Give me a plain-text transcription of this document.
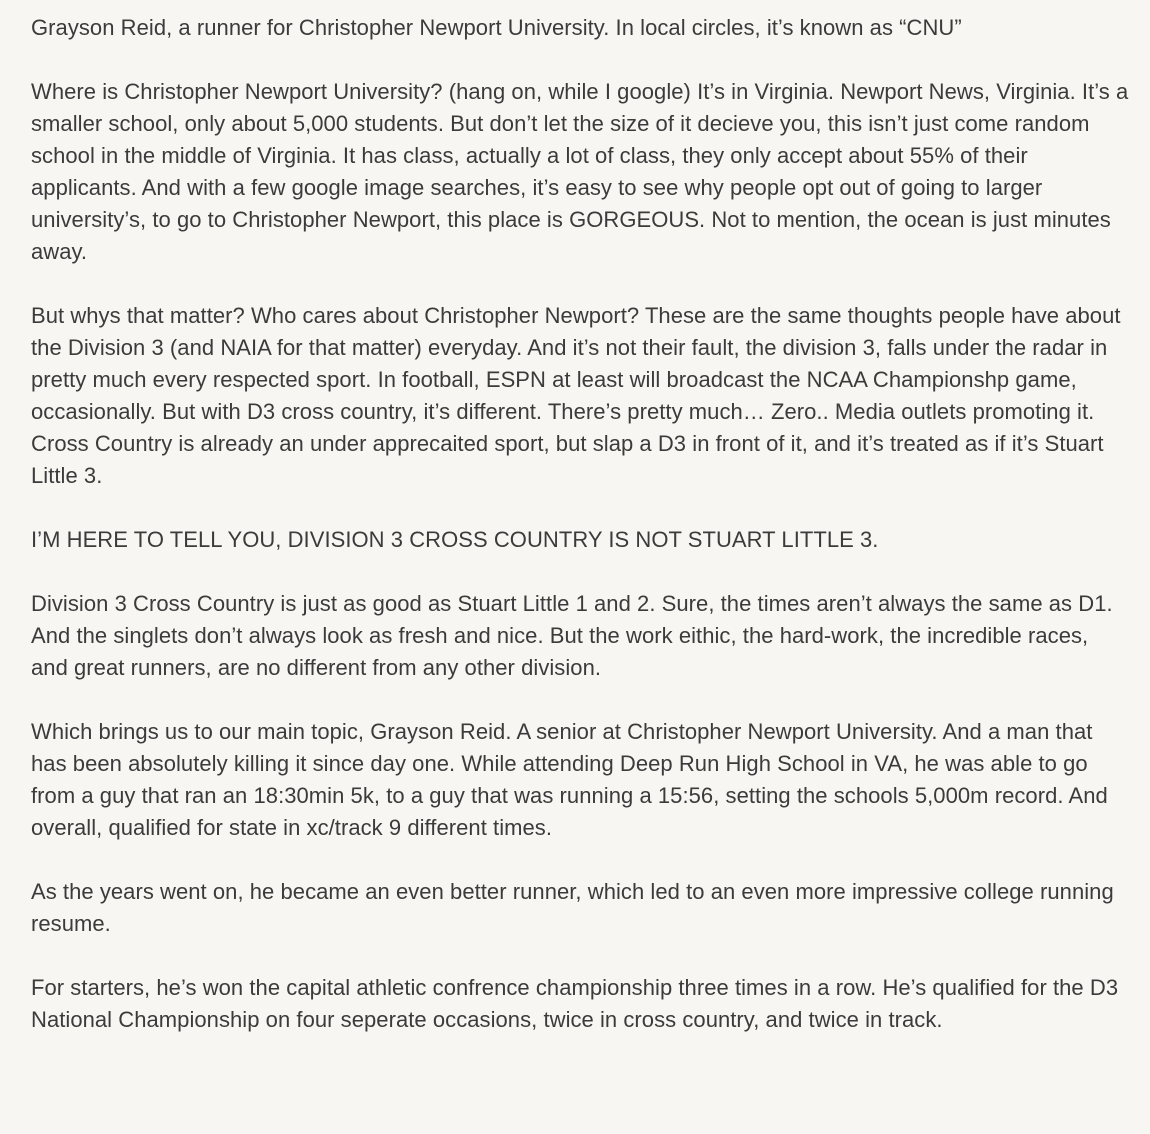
Grayson Reid, a runner for Christopher Newport University. In local circles, it’s known as “CNU”

Where is Christopher Newport University? (hang on, while I google) It’s in Virginia. Newport News, Virginia. It’s a smaller school, only about 5,000 students. But don’t let the size of it decieve you, this isn’t just come random school in the middle of Virginia. It has class, actually a lot of class, they only accept about 55% of their applicants. And with a few google image searches, it’s easy to see why people opt out of going to larger university’s, to go to Christopher Newport, this place is GORGEOUS. Not to mention, the ocean is just minutes away.

But whys that matter? Who cares about Christopher Newport? These are the same thoughts people have about the Division 3 (and NAIA for that matter) everyday. And it’s not their fault, the division 3, falls under the radar in pretty much every respected sport. In football, ESPN at least will broadcast the NCAA Championshp game, occasionally. But with D3 cross country, it’s different. There’s pretty much… Zero.. Media outlets promoting it. Cross Country is already an under apprecaited sport, but slap a D3 in front of it, and it’s treated as if it’s Stuart Little 3.

I’M HERE TO TELL YOU, DIVISION 3 CROSS COUNTRY IS NOT STUART LITTLE 3.

Division 3 Cross Country is just as good as Stuart Little 1 and 2. Sure, the times aren’t always the same as D1. And the singlets don’t always look as fresh and nice. But the work eithic, the hard-work, the incredible races, and great runners, are no different from any other division.

Which brings us to our main topic, Grayson Reid. A senior at Christopher Newport University. And a man that has been absolutely killing it since day one. While attending Deep Run High School in VA, he was able to go from a guy that ran an 18:30min 5k, to a guy that was running a 15:56, setting the schools 5,000m record. And overall, qualified for state in xc/track 9 different times.

As the years went on, he became an even better runner, which led to an even more impressive college running resume.

For starters, he’s won the capital athletic confrence championship three times in a row. He’s qualified for the D3 National Championship on four seperate occasions, twice in cross country, and twice in track.
